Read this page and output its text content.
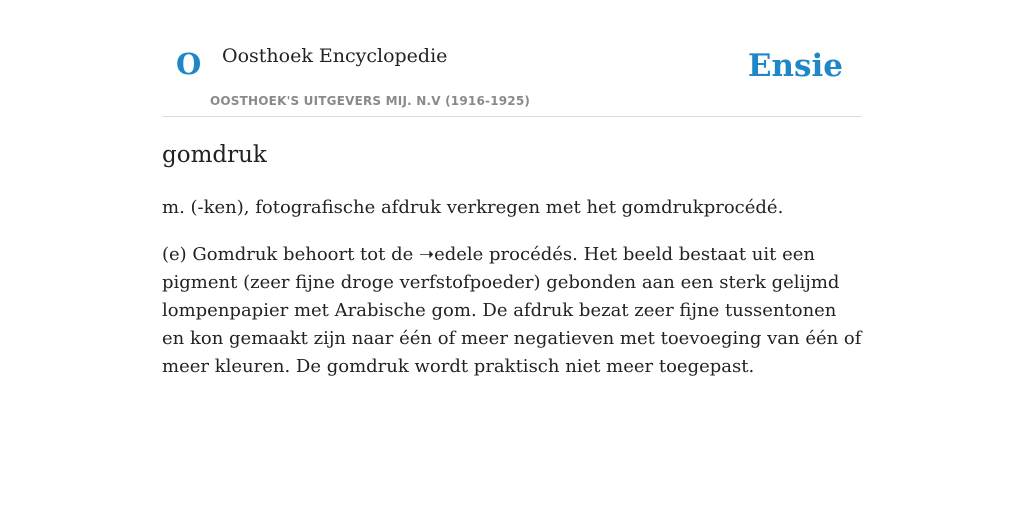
O Oosthoek Encyclopedie
OOSTHOEK'S UITGEVERS MIJ. N.V (1916-1925)
Ensie
gomdruk

m. (-ken), fotografische afdruk verkregen met het gomdrukprocédé.

(e) Gomdruk behoort tot de ➝edele procédés. Het beeld bestaat uit een pigment (zeer fijne droge verfstofpoeder) gebonden aan een sterk gelijmd lompenpapier met Arabische gom. De afdruk bezat zeer fijne tussentonen en kon gemaakt zijn naar één of meer negatieven met toevoeging van één of meer kleuren. De gomdruk wordt praktisch niet meer toegepast.
